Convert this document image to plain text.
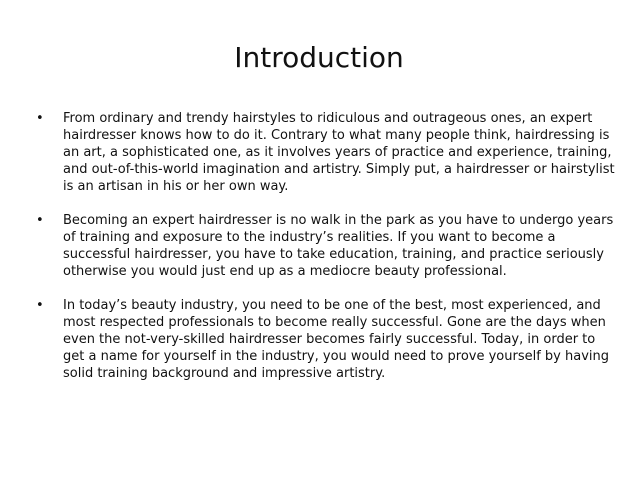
Introduction
• From ordinary and trendy hairstyles to ridiculous and outrageous ones, an expert hairdresser knows how to do it. Contrary to what many people think, hairdressing is an art, a sophisticated one, as it involves years of practice and experience, training, and out-of-this-world imagination and artistry. Simply put, a hairdresser or hairstylist is an artisan in his or her own way.
• Becoming an expert hairdresser is no walk in the park as you have to undergo years of training and exposure to the industry’s realities. If you want to become a successful hairdresser, you have to take education, training, and practice seriously otherwise you would just end up as a mediocre beauty professional.
• In today’s beauty industry, you need to be one of the best, most experienced, and most respected professionals to become really successful. Gone are the days when even the not-very-skilled hairdresser becomes fairly successful. Today, in order to get a name for yourself in the industry, you would need to prove yourself by having solid training background and impressive artistry.
